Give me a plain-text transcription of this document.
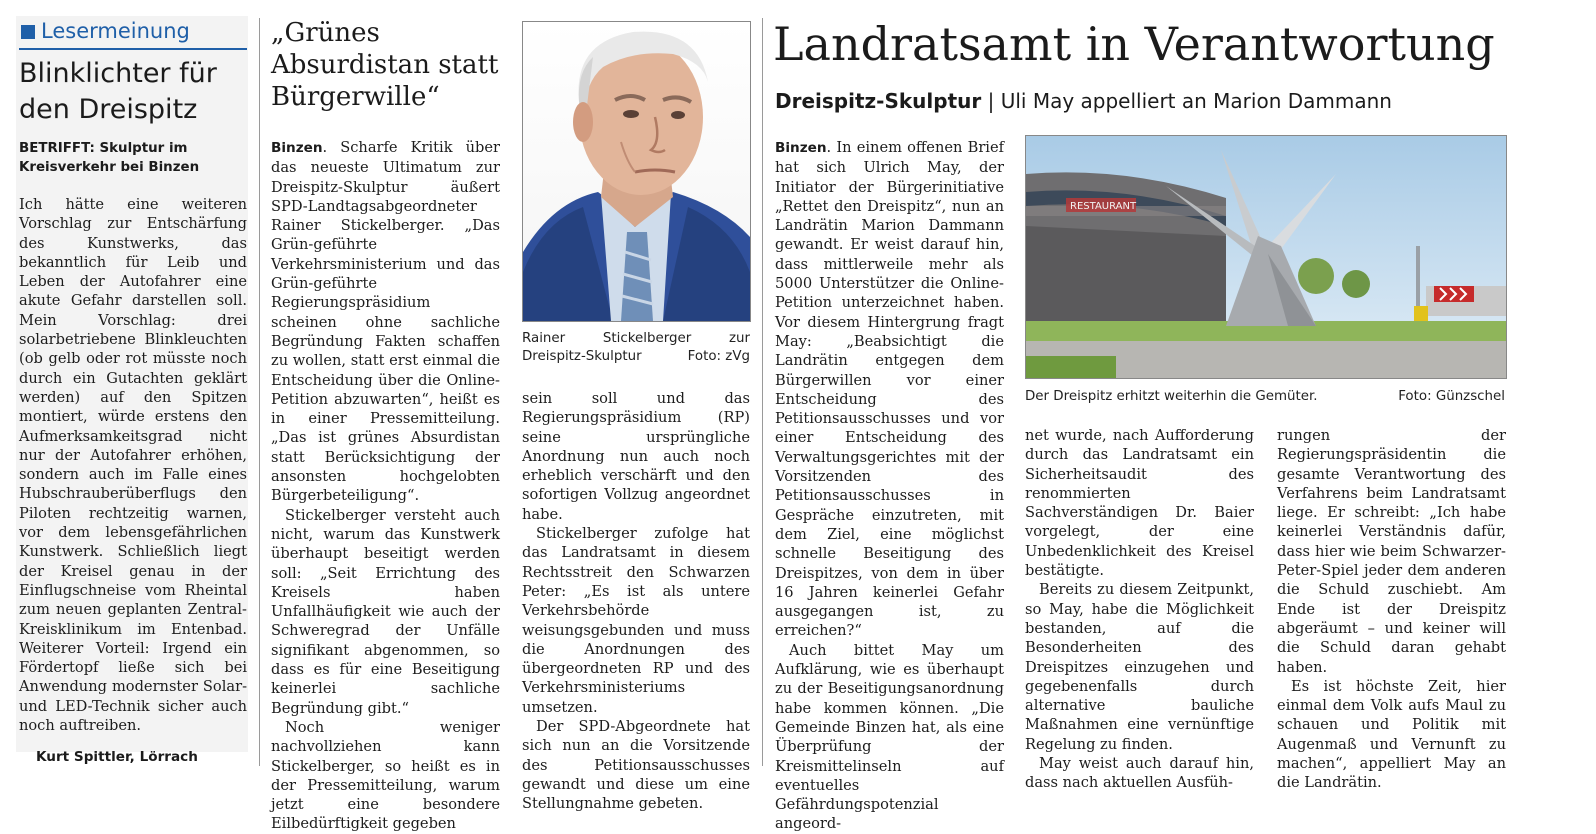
Lesermeinung
Blinklichter für
den Dreispitz
BETRIFFT: Skulptur im Kreisverkehr bei Binzen
Ich hätte eine weiteren Vorschlag zur Entschärfung des Kunstwerks, das bekanntlich für Leib und Leben der Autofahrer eine akute Gefahr darstellen soll. Mein Vorschlag: drei solarbetriebene Blinkleuchten (ob gelb oder rot müsste noch durch ein Gutachten geklärt werden) auf den Spitzen montiert, würde erstens den Aufmerksamkeitsgrad nicht nur der Autofahrer erhöhen, sondern auch im Falle eines Hubschrauberüberflugs den Piloten rechtzeitig warnen, vor dem lebensgefährlichen Kunstwerk. Schließlich liegt der Kreisel genau in der Einflugschneise vom Rheintal zum neuen geplanten Zentral-Kreisklinikum im Entenbad. Weiterer Vorteil: Irgend ein Fördertopf ließe sich bei Anwendung modernster Solar- und LED-Technik sicher auch noch auftreiben.
Kurt Spittler, Lörrach
„Grünes Absurdistan statt Bürgerwille“

Binzen. Scharfe Kritik über das neueste Ultimatum zur Dreispitz-Skulptur äußert SPD-Landtagsabgeordneter Rainer Stickelberger. „Das Grün-geführte Verkehrsministerium und das Grün-geführte Regierungspräsidium scheinen ohne sachliche Begründung Fakten schaffen zu wollen, statt erst einmal die Entscheidung über die Online-Petition abzuwarten“, heißt es in einer Pressemitteilung. „Das ist grünes Absurdistan statt Berücksichtigung der ansonsten hochgelobten Bürgerbeteiligung“.

Stickelberger versteht auch nicht, warum das Kunstwerk überhaupt beseitigt werden soll: „Seit Errichtung des Kreisels haben Unfallhäufigkeit wie auch der Schweregrad der Unfälle signifikant abgenommen, so dass es für eine Beseitigung keinerlei sachliche Begründung gibt.“

Noch weniger nachvollziehen kann Stickelberger, so heißt es in der Pressemitteilung, warum jetzt eine besondere Eilbedürftigkeit gegeben

Rainer Stickelberger zur Dreispitz-Skulptur	Foto: zVg

sein soll und das Regierungspräsidium (RP) seine ursprüngliche Anordnung nun auch noch erheblich verschärft und den sofortigen Vollzug angeordnet habe.

Stickelberger zufolge hat das Landratsamt in diesem Rechtsstreit den Schwarzen Peter: „Es ist als untere Verkehrsbehörde weisungsgebunden und muss die Anordnungen des übergeordneten RP und des Verkehrsministeriums umsetzen.

Der SPD-Abgeordnete hat sich nun an die Vorsitzende des Petitionsausschusses gewandt und diese um eine Stellungnahme gebeten.

Landratsamt in Verantwortung
Dreispitz-Skulptur | Uli May appelliert an Marion Dammann

Binzen. In einem offenen Brief hat sich Ulrich May, der Initiator der Bürgerinitiative „Rettet den Dreispitz“, nun an Landrätin Marion Dammann gewandt. Er weist darauf hin, dass mittlerweile mehr als 5000 Unterstützer die Online-Petition unterzeichnet haben. Vor diesem Hintergrung fragt May: „Beabsichtigt die Landrätin entgegen dem Bürgerwillen vor einer Entscheidung des Petitionsausschusses und vor einer Entscheidung des Verwaltungsgerichtes mit der Vorsitzenden des Petitionsausschusses in Gespräche einzutreten, mit dem Ziel, eine möglichst schnelle Beseitigung des Dreispitzes, von dem in über 16 Jahren keinerlei Gefahr ausgegangen ist, zu erreichen?“

Auch bittet May um Aufklärung, wie es überhaupt zu der Beseitigungsanordnung habe kommen können. „Die Gemeinde Binzen hat, als eine Überprüfung der Kreismittelinseln auf eventuelles Gefährdungspotenzial angeord-

RESTAURANT
Der Dreispitz erhitzt weiterhin die Gemüter.	Foto: Günzschel

net wurde, nach Aufforderung durch das Landratsamt ein Sicherheitsaudit des renommierten Sachverständigen Dr. Baier vorgelegt, der eine Unbedenklichkeit des Kreisel bestätigte.

Bereits zu diesem Zeitpunkt, so May, habe die Möglichkeit bestanden, auf die Besonderheiten des Dreispitzes einzugehen und gegebenenfalls durch alternative bauliche Maßnahmen eine vernünftige Regelung zu finden.

May weist auch darauf hin, dass nach aktuellen Ausfüh-

rungen der Regierungspräsidentin die gesamte Verantwortung des Verfahrens beim Landratsamt liege. Er schreibt: „Ich habe keinerlei Verständnis dafür, dass hier wie beim Schwarzer-Peter-Spiel jeder dem anderen die Schuld zuschiebt. Am Ende ist der Dreispitz abgeräumt – und keiner will die Schuld daran gehabt haben.

Es ist höchste Zeit, hier einmal dem Volk aufs Maul zu schauen und Politik mit Augenmaß und Vernunft zu machen“, appelliert May an die Landrätin.
